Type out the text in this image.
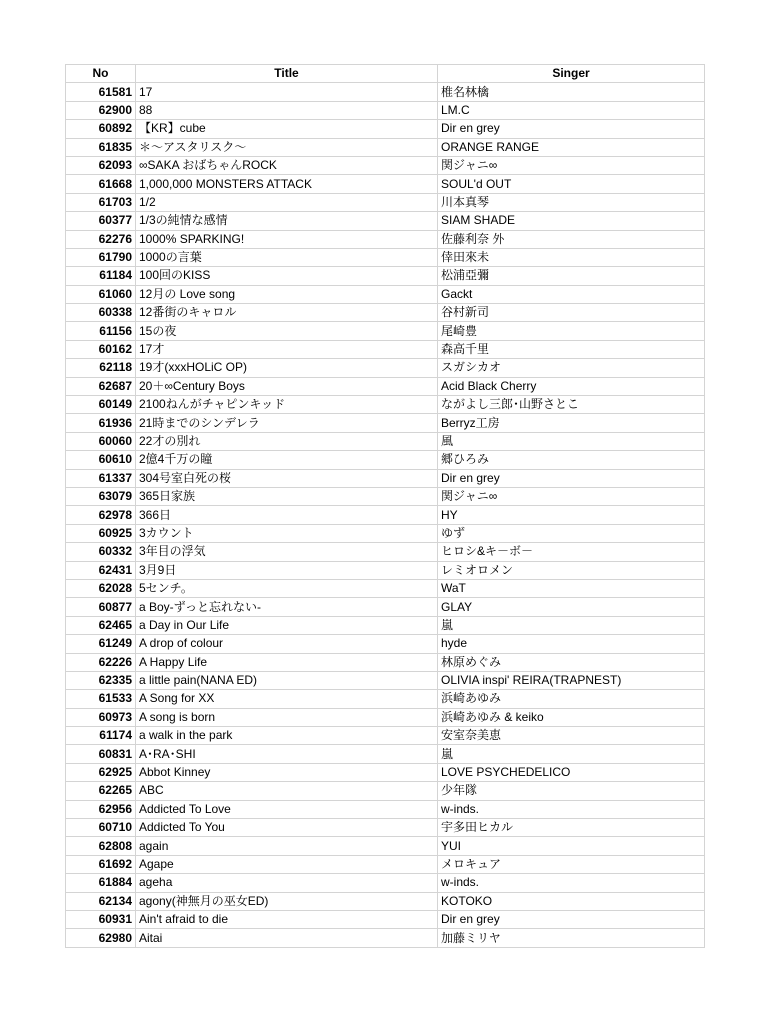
No	Title	Singer
61581	17	椎名林檎
62900	88	LM.C
60892	【KR】cube	Dir en grey
61835	＊～アスタリスク～	ORANGE RANGE
62093	∞SAKA おばちゃんROCK	関ジャニ∞
61668	1,000,000 MONSTERS ATTACK	SOUL'd OUT
61703	1/2	川本真琴
60377	1/3の純情な感情	SIAM SHADE
62276	1000% SPARKING!	佐藤利奈 外
61790	1000の言葉	倖田來未
61184	100回のKISS	松浦亞彌
61060	12月の Love song	Gackt
60338	12番街のキャロル	谷村新司
61156	15の夜	尾崎豊
60162	17才	森高千里
62118	19才(xxxHOLiC OP)	スガシカオ
62687	20＋∞Century Boys	Acid Black Cherry
60149	2100ねんがチャピンキッド	ながよし三郎･山野さとこ
61936	21時までのシンデレラ	Berryz工房
60060	22才の別れ	風
60610	2億4千万の瞳	郷ひろみ
61337	304号室白死の桜	Dir en grey
63079	365日家族	関ジャニ∞
62978	366日	HY
60925	3カウント	ゆず
60332	3年目の浮気	ヒロシ&キ－ボ－
62431	3月9日	レミオロメン
62028	5センチ。	WaT
60877	a Boy-ずっと忘れない-	GLAY
62465	a Day in Our Life	嵐
61249	A drop of colour	hyde
62226	A Happy Life	林原めぐみ
62335	a little pain(NANA ED)	OLIVIA inspi' REIRA(TRAPNEST)
61533	A Song for XX	浜崎あゆみ
60973	A song is born	浜崎あゆみ & keiko
61174	a walk in the park	安室奈美恵
60831	A･RA･SHI	嵐
62925	Abbot Kinney	LOVE PSYCHEDELICO
62265	ABC	少年隊
62956	Addicted To Love	w-inds.
60710	Addicted To You	宇多田ヒカル
62808	again	YUI
61692	Agape	メロキュア
61884	ageha	w-inds.
62134	agony(神無月の巫女ED)	KOTOKO
60931	Ain't afraid to die	Dir en grey
62980	Aitai	加藤ミリヤ
